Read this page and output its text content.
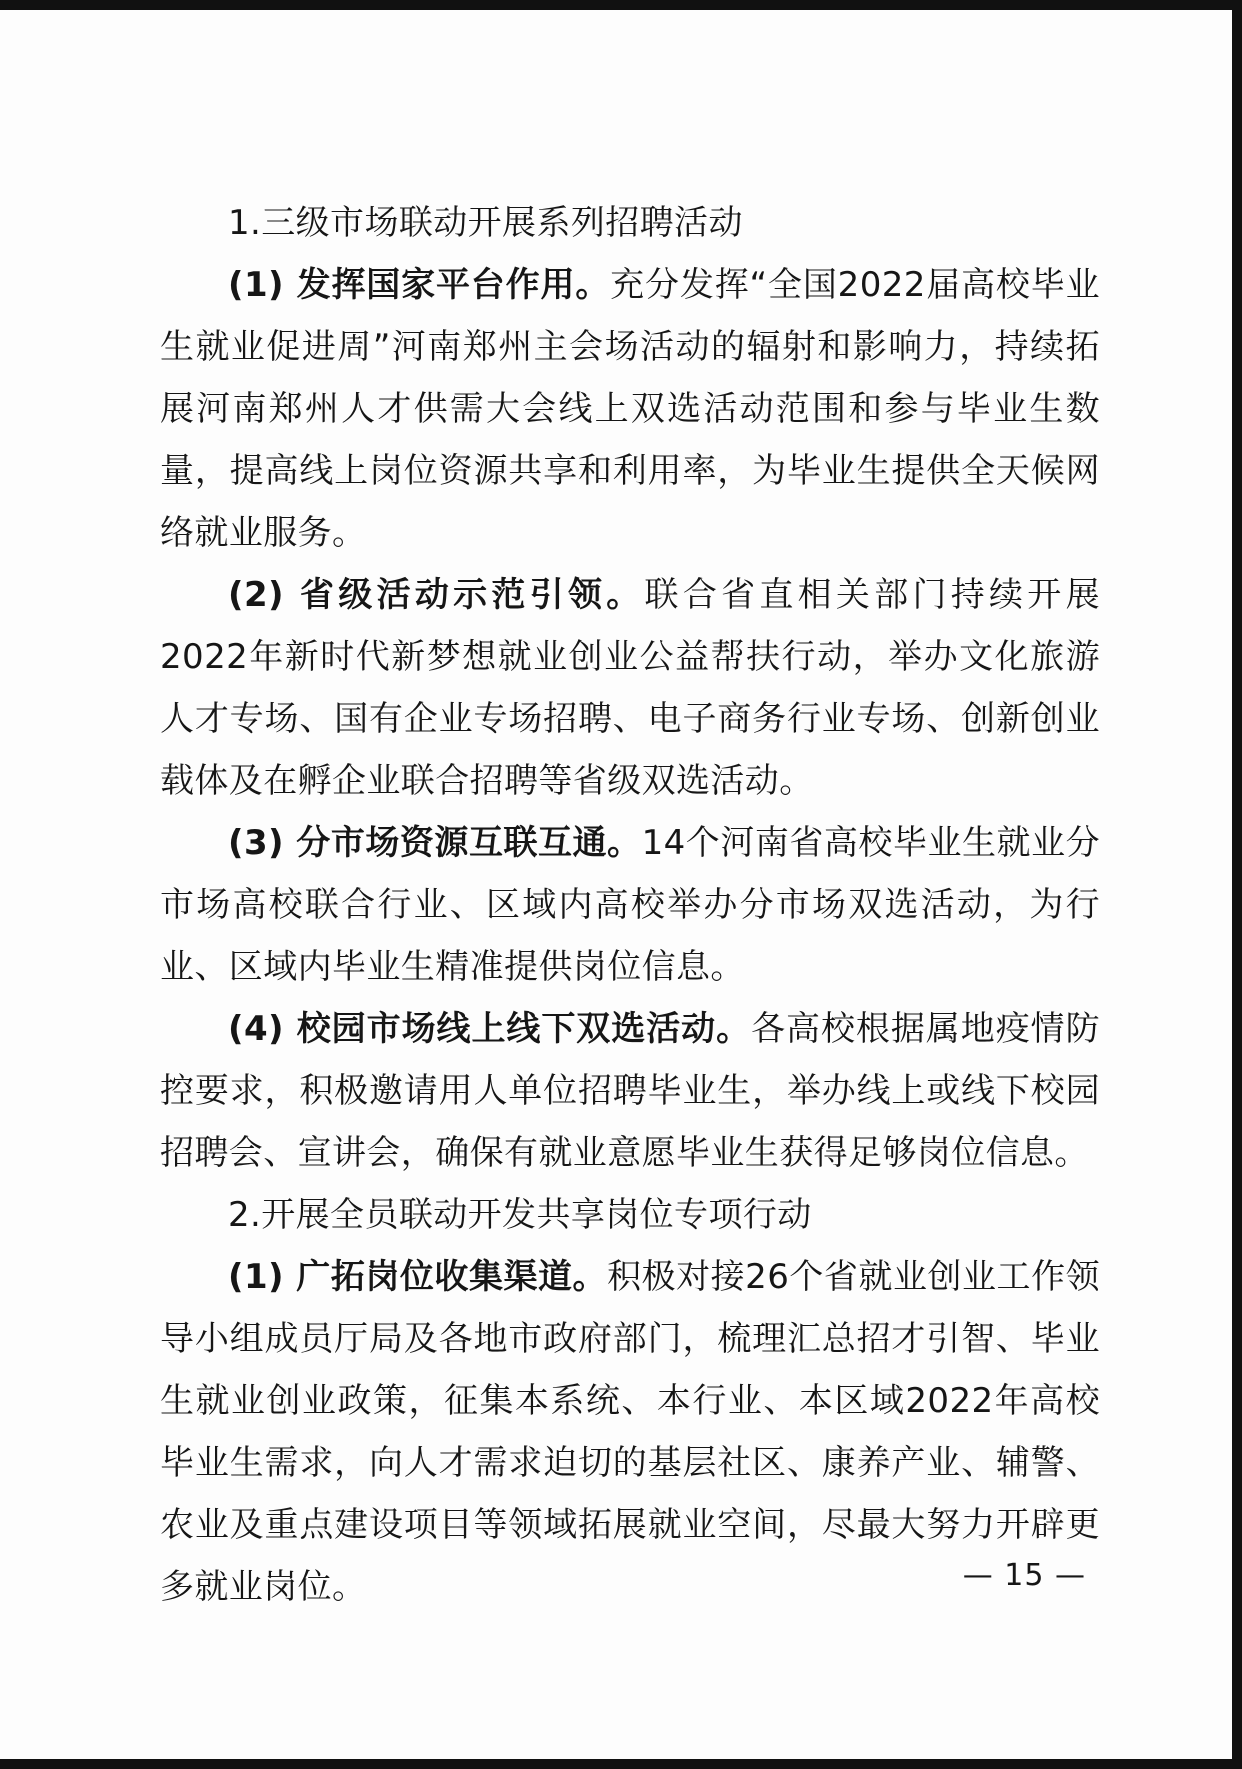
1.三级市场联动开展系列招聘活动

(1) 发挥国家平台作用。充分发挥“全国2022届高校毕业生就业促进周”河南郑州主会场活动的辐射和影响力，持续拓展河南郑州人才供需大会线上双选活动范围和参与毕业生数量，提高线上岗位资源共享和利用率，为毕业生提供全天候网络就业服务。

(2) 省级活动示范引领。联合省直相关部门持续开展2022年新时代新梦想就业创业公益帮扶行动，举办文化旅游人才专场、国有企业专场招聘、电子商务行业专场、创新创业载体及在孵企业联合招聘等省级双选活动。

(3) 分市场资源互联互通。14个河南省高校毕业生就业分市场高校联合行业、区域内高校举办分市场双选活动，为行业、区域内毕业生精准提供岗位信息。

(4) 校园市场线上线下双选活动。各高校根据属地疫情防控要求，积极邀请用人单位招聘毕业生，举办线上或线下校园招聘会、宣讲会，确保有就业意愿毕业生获得足够岗位信息。

2.开展全员联动开发共享岗位专项行动

(1) 广拓岗位收集渠道。积极对接26个省就业创业工作领导小组成员厅局及各地市政府部门，梳理汇总招才引智、毕业生就业创业政策，征集本系统、本行业、本区域2022年高校毕业生需求，向人才需求迫切的基层社区、康养产业、辅警、农业及重点建设项目等领域拓展就业空间，尽最大努力开辟更多就业岗位。	— 15 —
